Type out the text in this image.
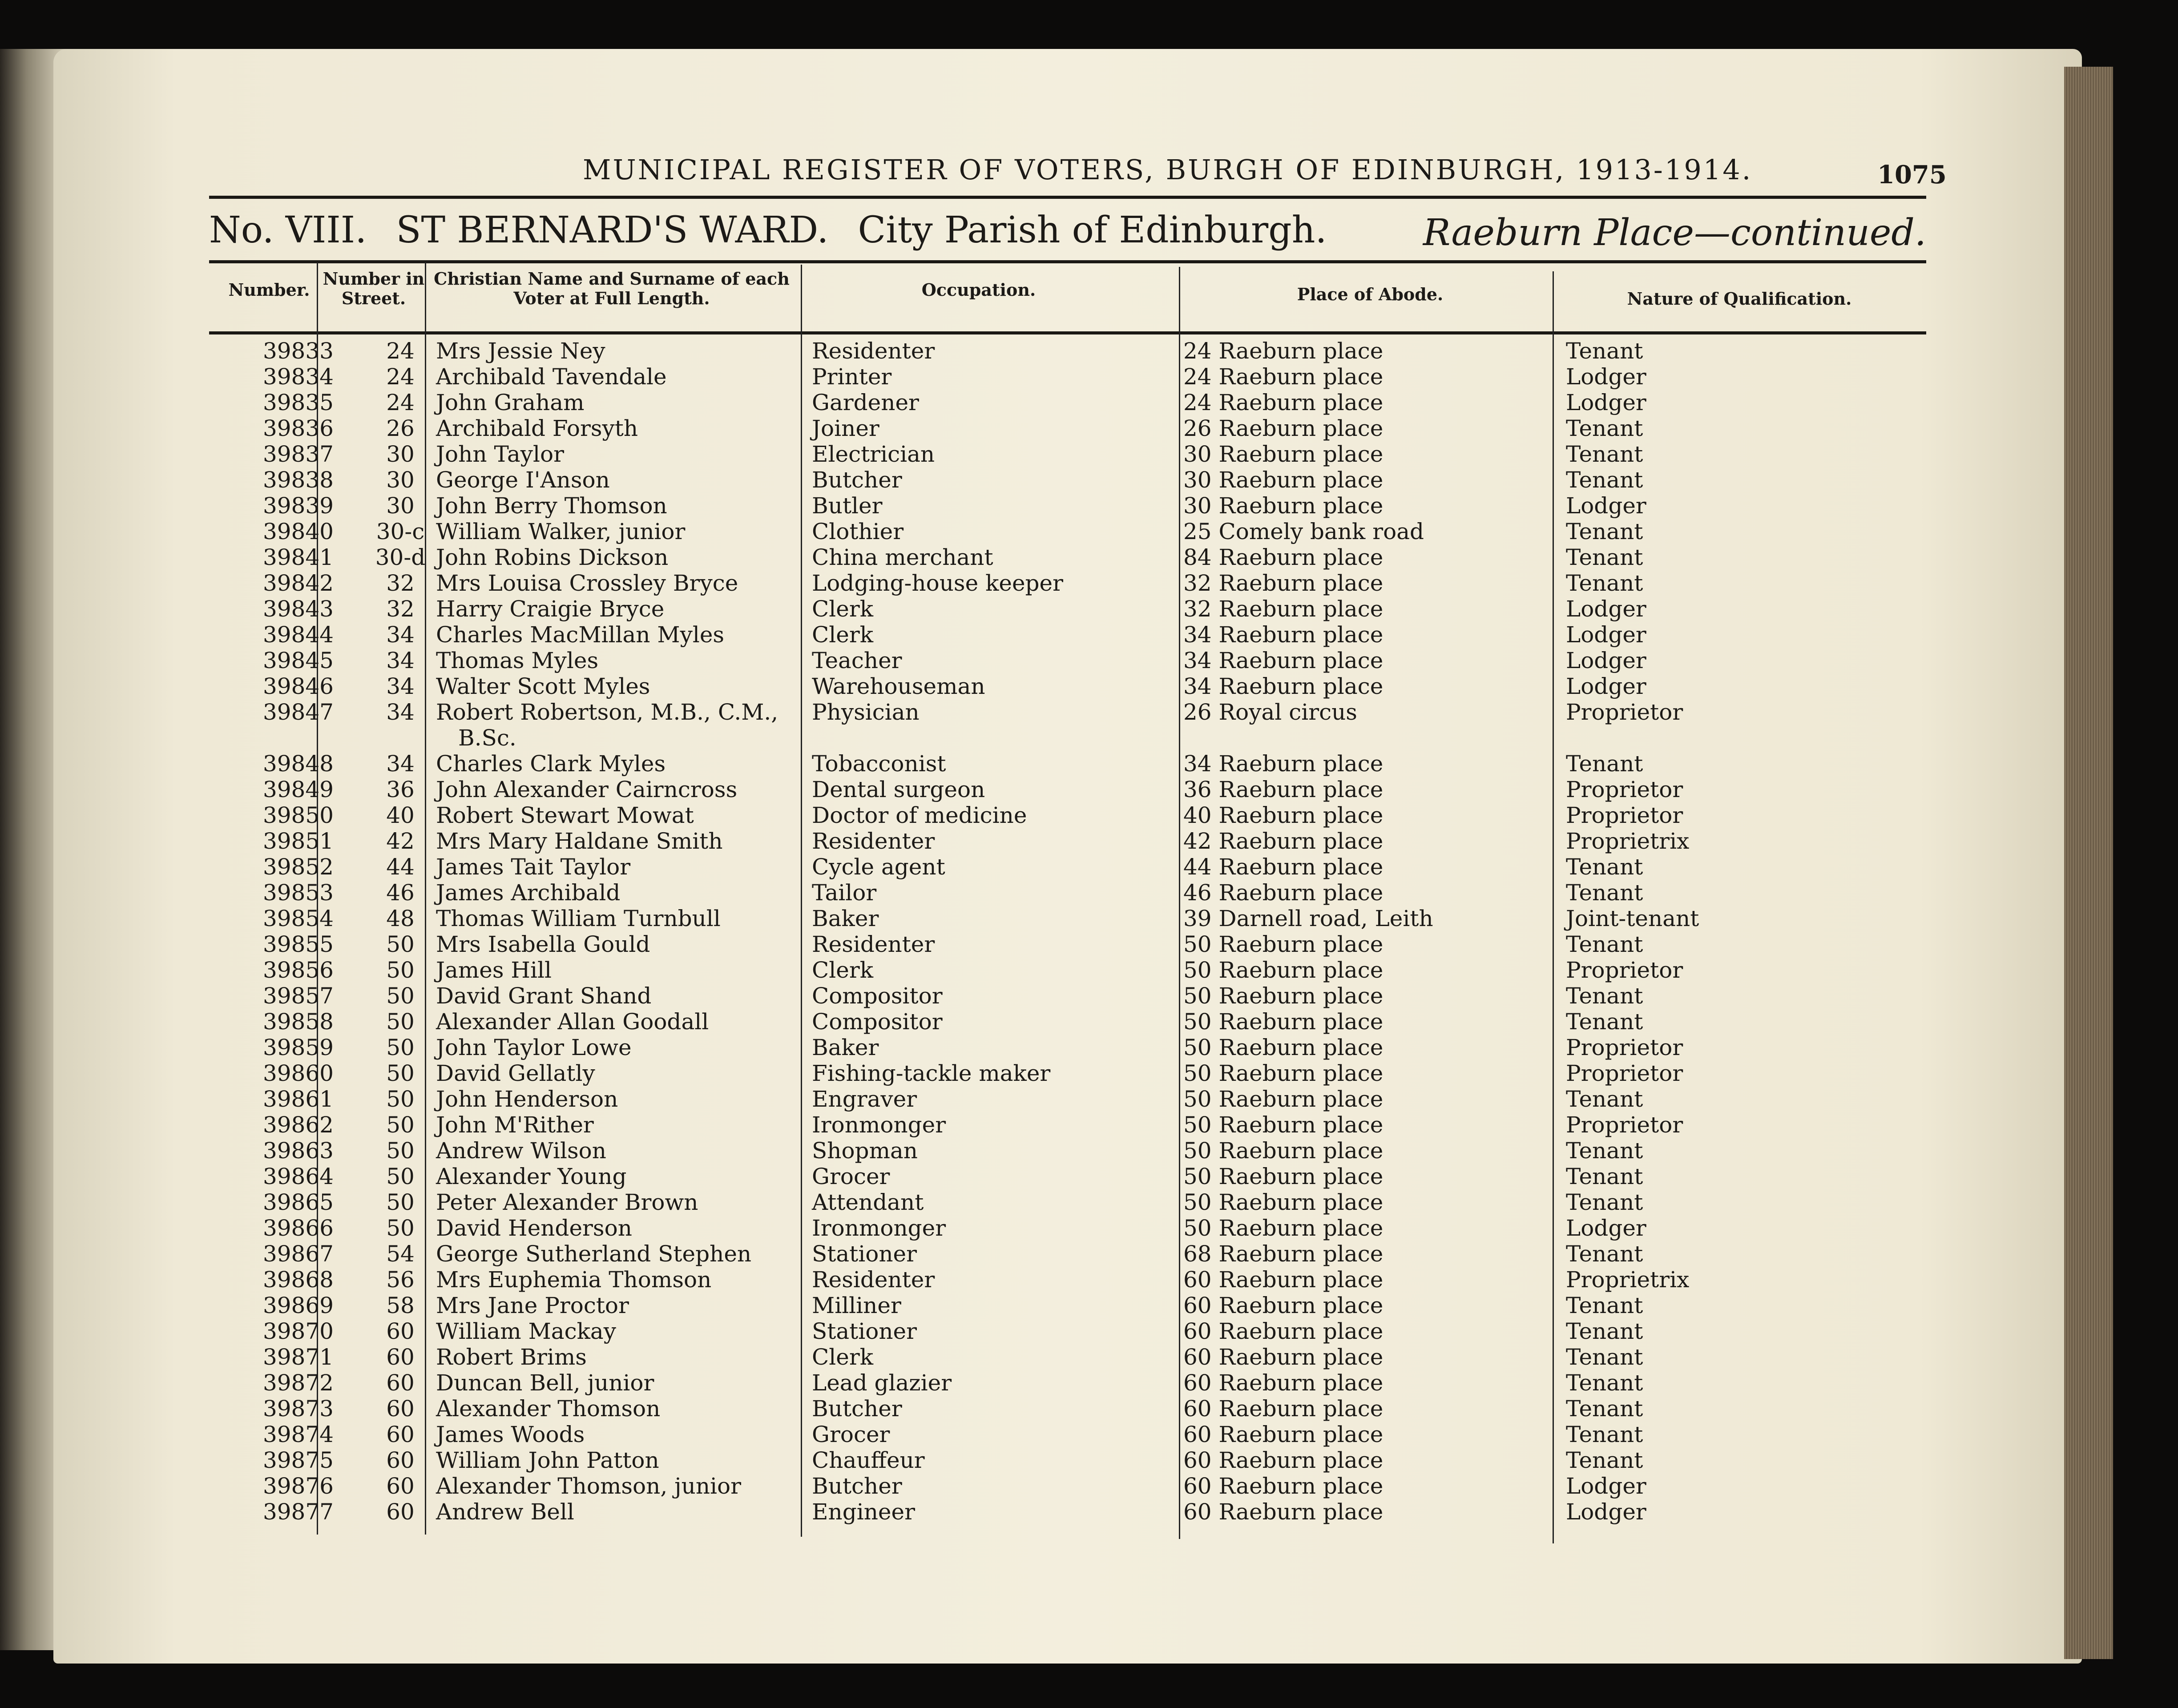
MUNICIPAL REGISTER OF VOTERS, BURGH OF EDINBURGH, 1913-1914.	1075
No. VIII. ST BERNARD'S WARD. City Parish of Edinburgh.	Raeburn Place—continued.
Number.
Number in Street.
Christian Name and Surname of each Voter at Full Length.	Occupation.	Place of Abode.	Nature of Qualification.
39833	24 Mrs Jessie Ney	Residenter	24 Raeburn place	Tenant
39834	24 Archibald Tavendale	Printer	24 Raeburn place	Lodger
39835	24 John Graham	Gardener	24 Raeburn place	Lodger
39836	26 Archibald Forsyth	Joiner	26 Raeburn place	Tenant
39837	30 John Taylor	Electrician	30 Raeburn place	Tenant
39838	30 George I'Anson	Butcher	30 Raeburn place	Tenant
39839	30 John Berry Thomson	Butler	30 Raeburn place	Lodger
39840	30-c William Walker, junior	Clothier	25 Comely bank road	Tenant
39841	30-d John Robins Dickson	China merchant	84 Raeburn place	Tenant
39842	32 Mrs Louisa Crossley Bryce	Lodging-house keeper	32 Raeburn place	Tenant
39843	32 Harry Craigie Bryce	Clerk	32 Raeburn place	Lodger
39844	34 Charles MacMillan Myles	Clerk	34 Raeburn place	Lodger
39845	34 Thomas Myles	Teacher	34 Raeburn place	Lodger
39846	34 Walter Scott Myles	Warehouseman	34 Raeburn place	Lodger
39847	34 Robert Robertson, M.B., C.M., Physician	26 Royal circus	Proprietor
B.Sc.
39848	34 Charles Clark Myles	Tobacconist	34 Raeburn place	Tenant
39849	36 John Alexander Cairncross	Dental surgeon	36 Raeburn place	Proprietor
39850	40 Robert Stewart Mowat	Doctor of medicine	40 Raeburn place	Proprietor
39851	42 Mrs Mary Haldane Smith	Residenter	42 Raeburn place	Proprietrix
39852	44 James Tait Taylor	Cycle agent	44 Raeburn place	Tenant
39853	46 James Archibald	Tailor	46 Raeburn place	Tenant
39854	48 Thomas William Turnbull	Baker	39 Darnell road, Leith	Joint-tenant
39855	50 Mrs Isabella Gould	Residenter	50 Raeburn place	Tenant
39856	50 James Hill	Clerk	50 Raeburn place	Proprietor
39857	50 David Grant Shand	Compositor	50 Raeburn place	Tenant
39858	50 Alexander Allan Goodall	Compositor	50 Raeburn place	Tenant
39859	50 John Taylor Lowe	Baker	50 Raeburn place	Proprietor
39860	50 David Gellatly	Fishing-tackle maker	50 Raeburn place	Proprietor
39861	50 John Henderson	Engraver	50 Raeburn place	Tenant
39862	50 John M'Rither	Ironmonger	50 Raeburn place	Proprietor
39863	50 Andrew Wilson	Shopman	50 Raeburn place	Tenant
39864	50 Alexander Young	Grocer	50 Raeburn place	Tenant
39865	50 Peter Alexander Brown	Attendant	50 Raeburn place	Tenant
39866	50 David Henderson	Ironmonger	50 Raeburn place	Lodger
39867	54 George Sutherland Stephen	Stationer	68 Raeburn place	Tenant
39868	56 Mrs Euphemia Thomson	Residenter	60 Raeburn place	Proprietrix
39869	58 Mrs Jane Proctor	Milliner	60 Raeburn place	Tenant
39870	60 William Mackay	Stationer	60 Raeburn place	Tenant
39871	60 Robert Brims	Clerk	60 Raeburn place	Tenant
39872	60 Duncan Bell, junior	Lead glazier	60 Raeburn place	Tenant
39873	60 Alexander Thomson	Butcher	60 Raeburn place	Tenant
39874	60 James Woods	Grocer	60 Raeburn place	Tenant
39875	60 William John Patton	Chauffeur	60 Raeburn place	Tenant
39876	60 Alexander Thomson, junior	Butcher	60 Raeburn place	Lodger
39877	60 Andrew Bell	Engineer	60 Raeburn place	Lodger
